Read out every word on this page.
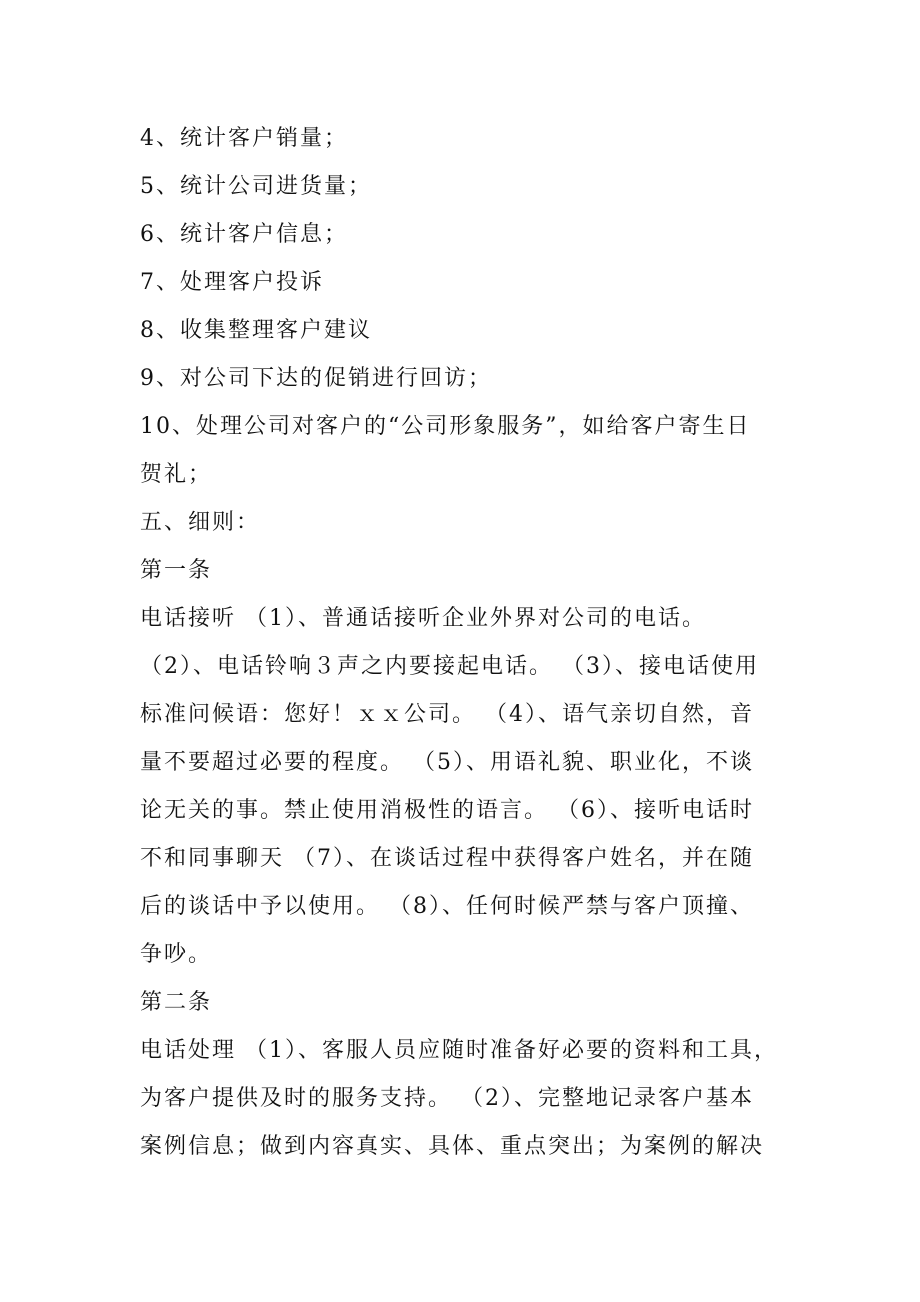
4、统计客户销量；
5、统计公司进货量；
6、统计客户信息；
7、处理客户投诉
8、收集整理客户建议
9、对公司下达的促销进行回访；
10、处理公司对客户的“公司形象服务”，如给客户寄生日
贺礼；
五、细则：
第一条
电话接听 （1）、普通话接听企业外界对公司的电话。
（2）、电话铃响３声之内要接起电话。 （3）、接电话使用
标准问候语：您好！ｘｘ公司。 （4）、语气亲切自然，音
量不要超过必要的程度。 （5）、用语礼貌、职业化，不谈
论无关的事。禁止使用消极性的语言。 （6）、接听电话时
不和同事聊天 （7）、在谈话过程中获得客户姓名，并在随
后的谈话中予以使用。 （8）、任何时候严禁与客户顶撞、
争吵。
第二条
电话处理 （1）、客服人员应随时准备好必要的资料和工具，
为客户提供及时的服务支持。 （2）、完整地记录客户基本
案例信息；做到内容真实、具体、重点突出；为案例的解决
